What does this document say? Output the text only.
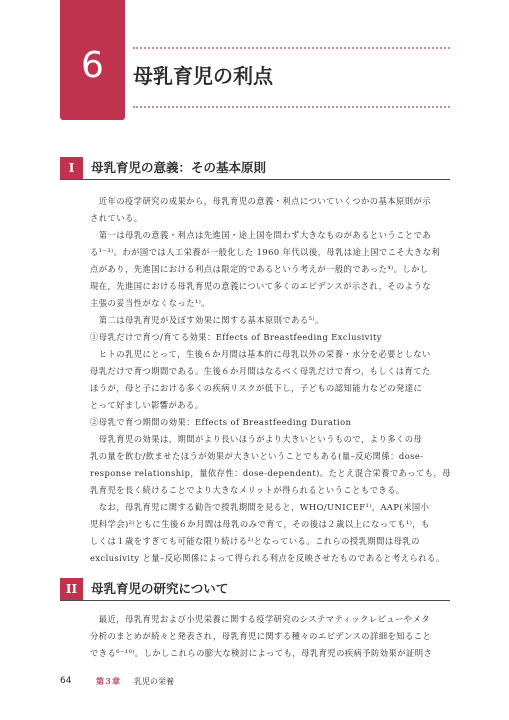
6	母乳育児の利点
I	母乳育児の意義：その基本原則
　近年の疫学研究の成果から，母乳育児の意義・利点についていくつかの基本原則が示
されている。
　第一は母乳の意義・利点は先進国・途上国を問わず大きなものがあるということであ
る¹⁻³⁾。わが国では人工栄養が一般化した 1960 年代以後，母乳は途上国でこそ大きな利
点があり，先進国における利点は限定的であるという考えが一般的であった⁴⁾。しかし
現在，先進国における母乳育児の意義について多くのエビデンスが示され，そのような
主張の妥当性がなくなった¹⁾。
　第二は母乳育児が及ぼす効果に関する基本原則である⁵⁾。
①母乳だけで育つ/育てる効果：Effects of Breastfeeding Exclusivity
　ヒトの乳児にとって，生後６か月間は基本的に母乳以外の栄養・水分を必要としない
母乳だけで育つ期間である。生後６か月間はなるべく母乳だけで育つ，もしくは育てた
ほうが，母と子における多くの疾病リスクが低下し，子どもの認知能力などの発達に
とって好ましい影響がある。
②母乳で育つ期間の効果：Effects of Breastfeeding Duration
　母乳育児の効果は，期間がより長いほうがより大きいというもので，より多くの母
乳の量を飲む/飲ませたほうが効果が大きいということでもある(量–反応関係：dose-
response relationship，量依存性：dose-dependent)。たとえ混合栄養であっても，母
乳育児を長く続けることでより大きなメリットが得られるということもできる。
　なお，母乳育児に関する勧告で授乳期間を見ると，WHO/UNICEF¹⁾，AAP(米国小
児科学会)²⁾ともに生後６か月間は母乳のみで育て，その後は２歳以上になっても¹⁾，も
しくは１歳をすぎても可能な限り続ける²⁾となっている。これらの授乳期間は母乳の
exclusivity と量–反応関係によって得られる利点を反映させたものであると考えられる。
II	母乳育児の研究について
　最近，母乳育児および小児栄養に関する疫学研究のシステマティックレビューやメタ
分析のまとめが続々と発表され，母乳育児に関する種々のエビデンスの詳細を知ること
できる⁶⁻¹⁰⁾。しかしこれらの膨大な検討によっても，母乳育児の疾病予防効果が証明さ
64	第３章 乳児の栄養
